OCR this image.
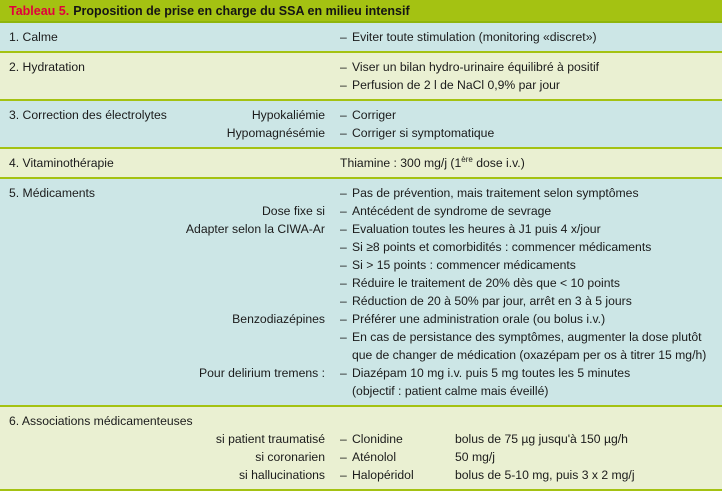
Tableau 5. Proposition de prise en charge du SSA en milieu intensif
1. Calme	– Eviter toute stimulation (monitoring «discret»)
2. Hydratation	– Viser un bilan hydro-urinaire équilibré à positif
– Perfusion de 2 l de NaCl 0,9% par jour
3. Correction des électrolytes	Hypokaliémie – Corriger
Hypomagnésémie – Corriger si symptomatique
4. Vitaminothérapie	Thiamine : 300 mg/j (1ère dose i.v.)
5. Médicaments	– Pas de prévention, mais traitement selon symptômes
Dose fixe si – Antécédent de syndrome de sevrage
Adapter selon la CIWA-Ar – Evaluation toutes les heures à J1 puis 4 x/jour
– Si ≥8 points et comorbidités : commencer médicaments
– Si > 15 points : commencer médicaments
– Réduire le traitement de 20% dès que < 10 points
– Réduction de 20 à 50% par jour, arrêt en 3 à 5 jours
Benzodiazépines – Préférer une administration orale (ou bolus i.v.)
– En cas de persistance des symptômes, augmenter la dose plutôt
que de changer de médication (oxazépam per os à titrer 15 mg/h)
Pour delirium tremens : – Diazépam 10 mg i.v. puis 5 mg toutes les 5 minutes
(objectif : patient calme mais éveillé)
6. Associations médicamenteuses
si patient traumatisé – Clonidine	bolus de 75 µg jusqu'à 150 µg/h
si coronarien – Aténolol	50 mg/j
si hallucinations – Halopéridol	bolus de 5-10 mg, puis 3 x 2 mg/j
